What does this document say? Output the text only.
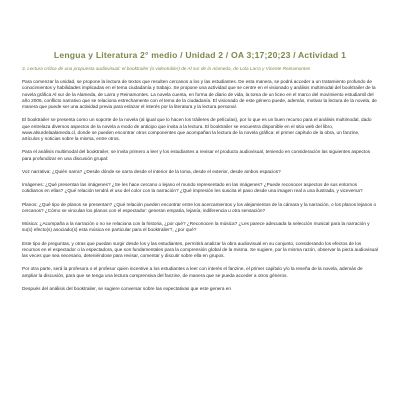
Lengua y Literatura 2° medio / Unidad 2 / OA 3;17;20;23 / Actividad 1

3. Lectura crítica de una propuesta audiovisual: el booktrailer (o videotráiler) de Al sur de la Alameda, de Lola Larra y Vicente Reinamontes

Para comenzar la unidad, se propone la lectura de textos que resulten cercanos a los y las estudiantes. De esta manera, se podrá acceder a un tratamiento profundo de conocimientos y habilidades implicadas en el tema ciudadanía y trabajo. Se propone una actividad que se centre en el visionado y análisis multimodal del booktrailer de la novela gráfica Al sur de la Alameda, de Larra y Reinamontes. La novela cuenta, en forma de diario de vida, la toma de un liceo en el marco del movimiento estudiantil del año 2006, conflicto narrativo que se relaciona estrechamente con el tema de la ciudadanía. El visionado de este género puede, además, motivar la lectura de la novela, de manera que puede ser una actividad previa para enlazar el interés por la literatura y la lectura personal.

El booktrailer se presenta como un soporte de la novela (al igual que lo hacen los tráileres de películas), por lo que es un buen recurso para el análisis multimodal, dado que entrelaza diversos aspectos de la novela a modo de anticipo que invita a la lectura. El booktrailer se encuentra disponible en el sitio web del libro, www.alsurdelaalameda.cl, donde se pueden encontrar otros componentes que acompañan la lectura de la novela gráfica: el primer capítulo de la obra, un fanzine, artículos y noticias sobre la misma, entre otros.

Para el análisis multimodal del booktrailer, se invita primero a leer y los estudiantes a revisar el producto audiovisual, teniendo en consideración las siguientes aspectos para profundizar en una discusión grupal:

Voz narrativa: ¿Quién narra? ¿Desde dónde se narra desde el interior de la toma, desde el exterior, desde ambos espacios?

Imágenes: ¿Qué presentan las imágenes? ¿Se les hace cercano o lejano el mundo representado en las imágenes? ¿Puede reconocer aspectos de sus entornos cotidianos en ellas? ¿Qué relación tendrá el uso del color con la narración? ¿Qué impresión les suscita el paso desde una imagen real a una ilustrada, y viceversa?

Planos: ¿Qué tipo de planos se presentan? ¿Qué relación pueden encontrar entre los acercamientos y los alejamientos de la cámara y la narración, o los planos lejanos o cercanos? ¿Cómo se vinculan los planos con el espectador: generan empatía, lejanía, indiferencia u otra sensación?

Música: ¿Acompaña a la narración o no se relaciona con la historia, ¿por qué? ¿Reconocen la música? ¿Les parece adecuada la selección musical para la narración y su(s) efecto(s) asociado(s) esta música en particular para el booktrailer?, ¿por qué?

Este tipo de preguntas, y otras que puedan surgir desde los y las estudiantes, permitirá analizar la obra audiovisual en su conjunto, considerando los efectos de los recursos en el espectador o la espectadora, que son fundamentales para la comprensión global de la misma. Se sugiere, por la misma razón, observar la pieza audiovisual las veces que sea necesario, deteniéndose para revisar, comentar y discutir sobre ella en grupos.

Por otra parte, será la profesora o el profesor quien incentive a los estudiantes a leer con interés el fanzine, el primer capítulo y/o la reseña de la novela, además de ampliar la discusión, para que se tenga una lectura comprensiva del fanzine, de manera que se pueda acceder a otros géneros.

Después del análisis del booktrailer, se sugiere conversar sobre las expectativas que este genera en
